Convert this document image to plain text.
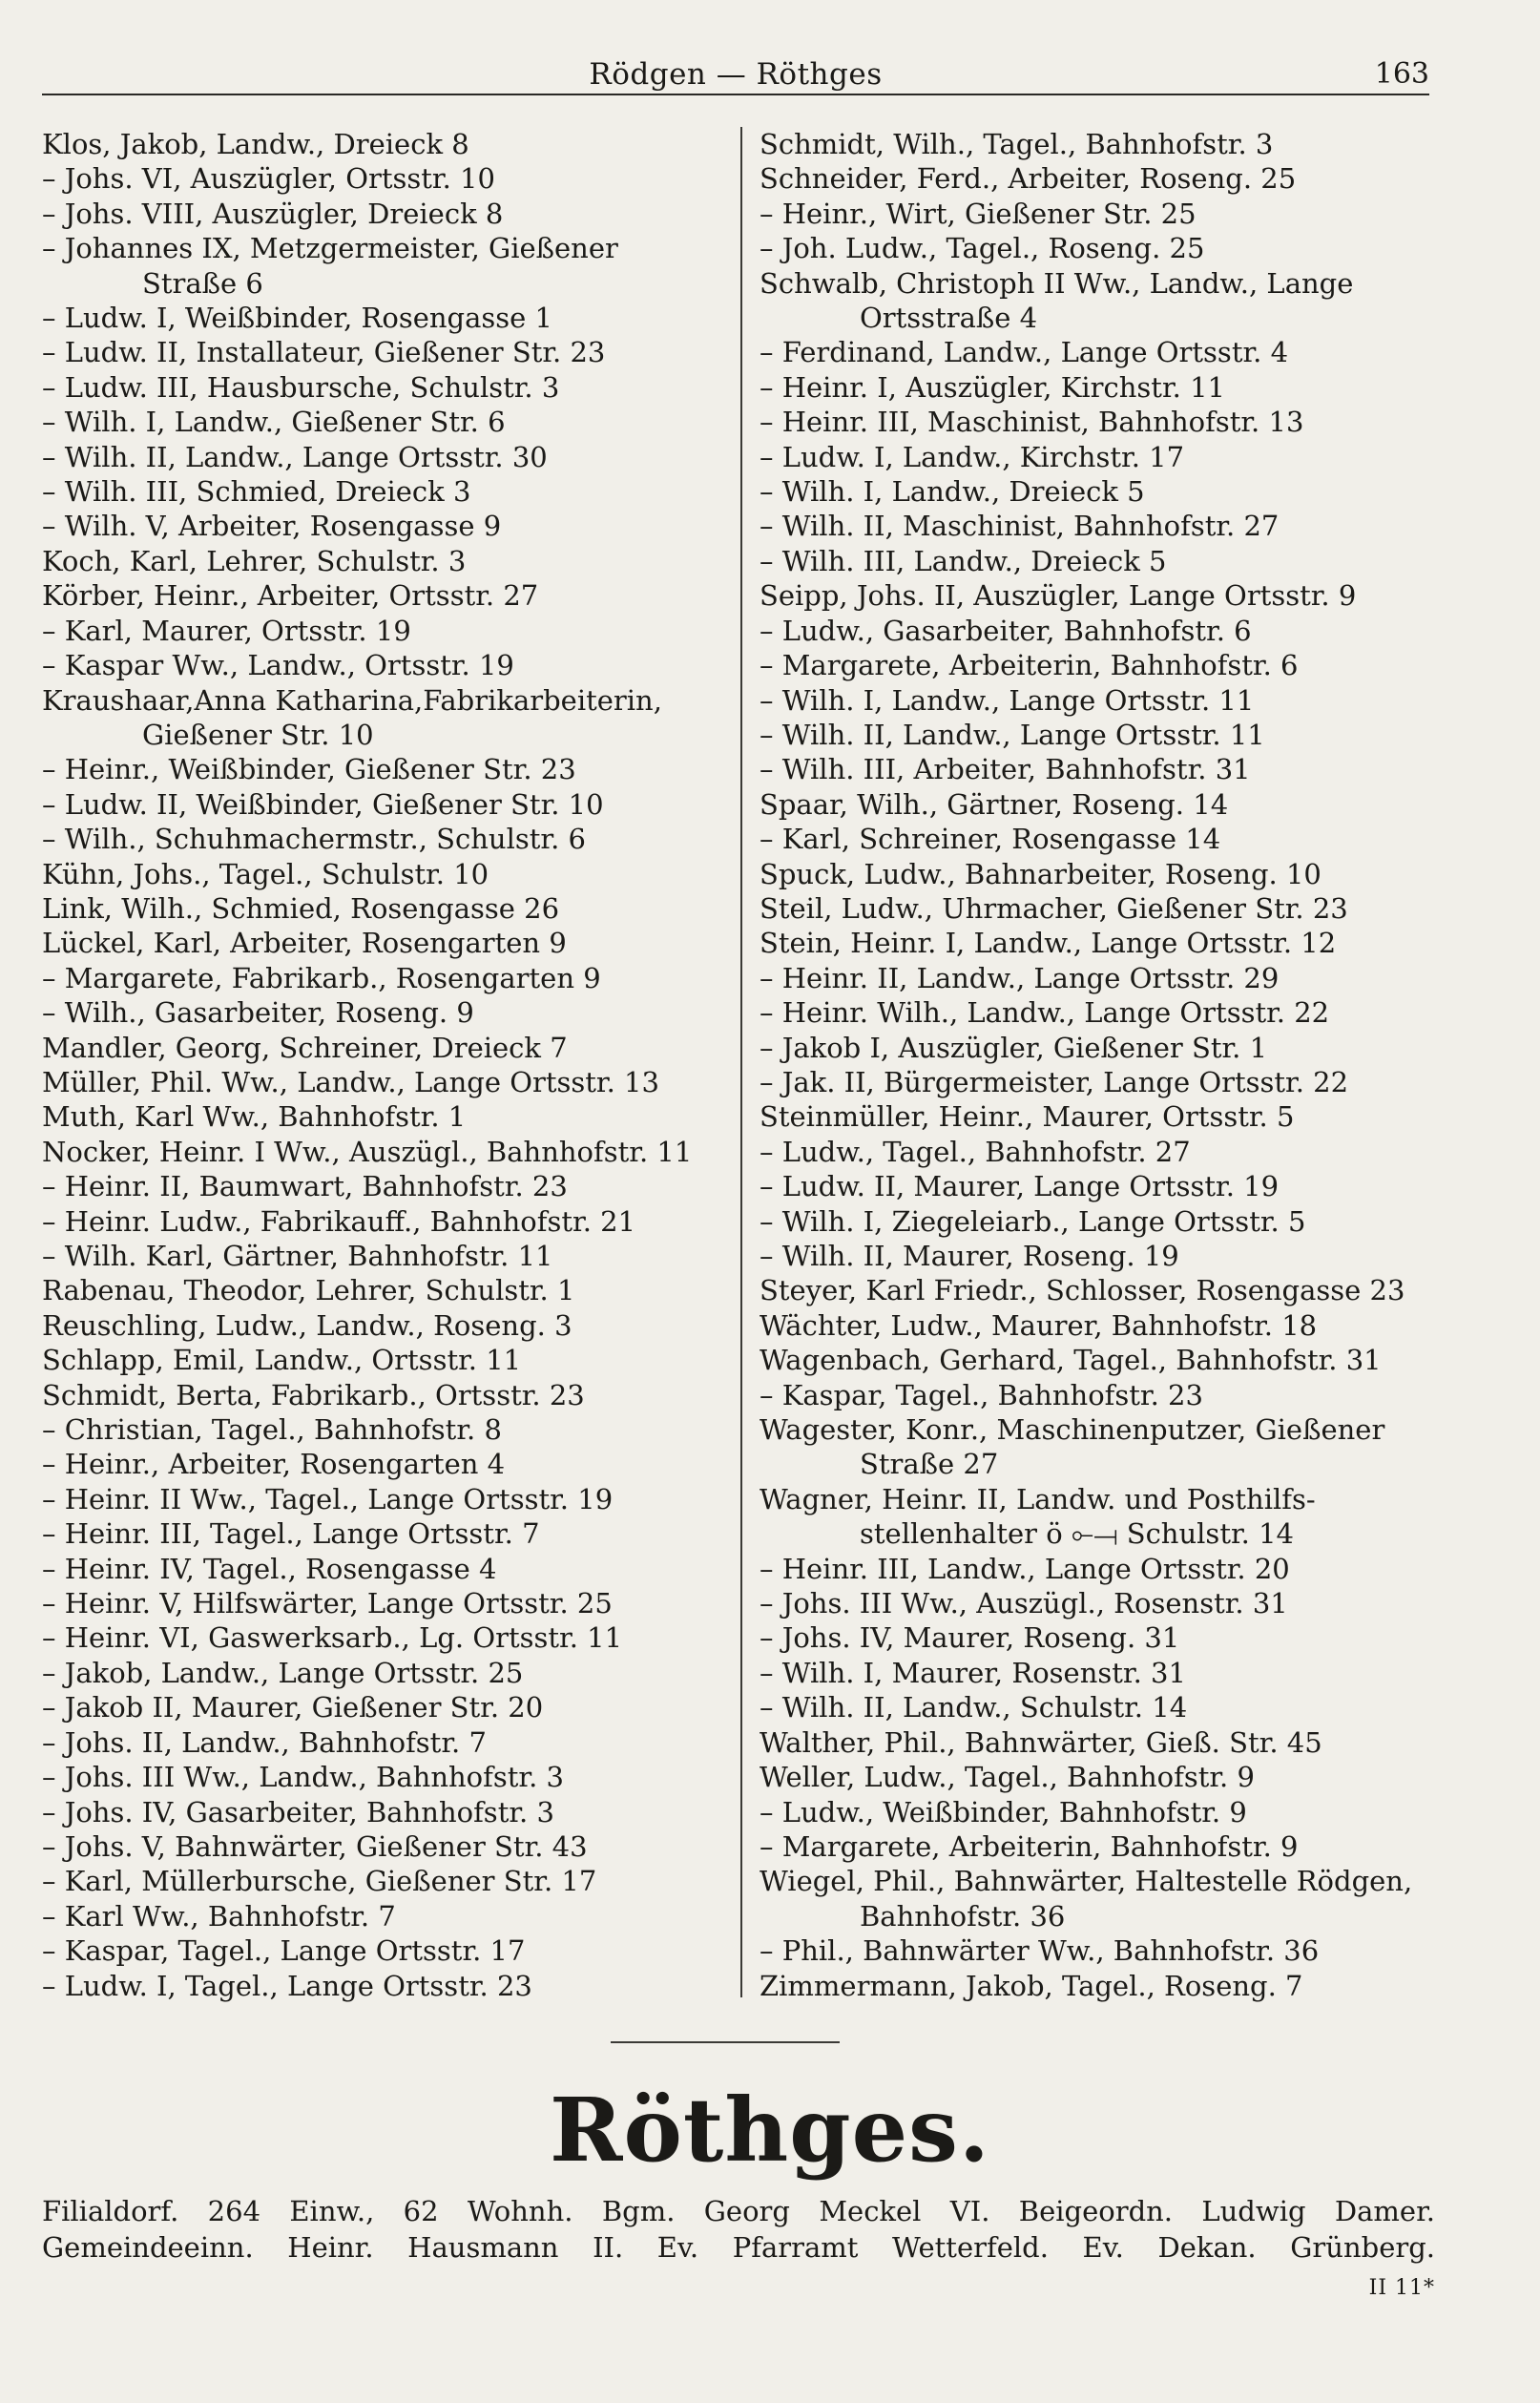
Rödgen — Röthges	163
Klos, Jakob, Landw., Dreieck 8
– Johs. VI, Auszügler, Ortsstr. 10
– Johs. VIII, Auszügler, Dreieck 8
– Johannes IX, Metzgermeister, Gießener
Straße 6
– Ludw. I, Weißbinder, Rosengasse 1
– Ludw. II, Installateur, Gießener Str. 23
– Ludw. III, Hausbursche, Schulstr. 3
– Wilh. I, Landw., Gießener Str. 6
– Wilh. II, Landw., Lange Ortsstr. 30
– Wilh. III, Schmied, Dreieck 3
– Wilh. V, Arbeiter, Rosengasse 9
Koch, Karl, Lehrer, Schulstr. 3
Körber, Heinr., Arbeiter, Ortsstr. 27
– Karl, Maurer, Ortsstr. 19
– Kaspar Ww., Landw., Ortsstr. 19
Kraushaar,Anna Katharina,Fabrikarbeiterin,
Gießener Str. 10
– Heinr., Weißbinder, Gießener Str. 23
– Ludw. II, Weißbinder, Gießener Str. 10
– Wilh., Schuhmachermstr., Schulstr. 6
Kühn, Johs., Tagel., Schulstr. 10
Link, Wilh., Schmied, Rosengasse 26
Lückel, Karl, Arbeiter, Rosengarten 9
– Margarete, Fabrikarb., Rosengarten 9
– Wilh., Gasarbeiter, Roseng. 9
Mandler, Georg, Schreiner, Dreieck 7
Müller, Phil. Ww., Landw., Lange Ortsstr. 13
Muth, Karl Ww., Bahnhofstr. 1
Nocker, Heinr. I Ww., Auszügl., Bahnhofstr. 11
– Heinr. II, Baumwart, Bahnhofstr. 23
– Heinr. Ludw., Fabrikauff., Bahnhofstr. 21
– Wilh. Karl, Gärtner, Bahnhofstr. 11
Rabenau, Theodor, Lehrer, Schulstr. 1
Reuschling, Ludw., Landw., Roseng. 3
Schlapp, Emil, Landw., Ortsstr. 11
Schmidt, Berta, Fabrikarb., Ortsstr. 23
– Christian, Tagel., Bahnhofstr. 8
– Heinr., Arbeiter, Rosengarten 4
– Heinr. II Ww., Tagel., Lange Ortsstr. 19
– Heinr. III, Tagel., Lange Ortsstr. 7
– Heinr. IV, Tagel., Rosengasse 4
– Heinr. V, Hilfswärter, Lange Ortsstr. 25
– Heinr. VI, Gaswerksarb., Lg. Ortsstr. 11
– Jakob, Landw., Lange Ortsstr. 25
– Jakob II, Maurer, Gießener Str. 20
– Johs. II, Landw., Bahnhofstr. 7
– Johs. III Ww., Landw., Bahnhofstr. 3
– Johs. IV, Gasarbeiter, Bahnhofstr. 3
– Johs. V, Bahnwärter, Gießener Str. 43
– Karl, Müllerbursche, Gießener Str. 17
– Karl Ww., Bahnhofstr. 7
– Kaspar, Tagel., Lange Ortsstr. 17
– Ludw. I, Tagel., Lange Ortsstr. 23
Schmidt, Wilh., Tagel., Bahnhofstr. 3
Schneider, Ferd., Arbeiter, Roseng. 25
– Heinr., Wirt, Gießener Str. 25
– Joh. Ludw., Tagel., Roseng. 25
Schwalb, Christoph II Ww., Landw., Lange
Ortsstraße 4
– Ferdinand, Landw., Lange Ortsstr. 4
– Heinr. I, Auszügler, Kirchstr. 11
– Heinr. III, Maschinist, Bahnhofstr. 13
– Ludw. I, Landw., Kirchstr. 17
– Wilh. I, Landw., Dreieck 5
– Wilh. II, Maschinist, Bahnhofstr. 27
– Wilh. III, Landw., Dreieck 5
Seipp, Johs. II, Auszügler, Lange Ortsstr. 9
– Ludw., Gasarbeiter, Bahnhofstr. 6
– Margarete, Arbeiterin, Bahnhofstr. 6
– Wilh. I, Landw., Lange Ortsstr. 11
– Wilh. II, Landw., Lange Ortsstr. 11
– Wilh. III, Arbeiter, Bahnhofstr. 31
Spaar, Wilh., Gärtner, Roseng. 14
– Karl, Schreiner, Rosengasse 14
Spuck, Ludw., Bahnarbeiter, Roseng. 10
Steil, Ludw., Uhrmacher, Gießener Str. 23
Stein, Heinr. I, Landw., Lange Ortsstr. 12
– Heinr. II, Landw., Lange Ortsstr. 29
– Heinr. Wilh., Landw., Lange Ortsstr. 22
– Jakob I, Auszügler, Gießener Str. 1
– Jak. II, Bürgermeister, Lange Ortsstr. 22
Steinmüller, Heinr., Maurer, Ortsstr. 5
– Ludw., Tagel., Bahnhofstr. 27
– Ludw. II, Maurer, Lange Ortsstr. 19
– Wilh. I, Ziegeleiarb., Lange Ortsstr. 5
– Wilh. II, Maurer, Roseng. 19
Steyer, Karl Friedr., Schlosser, Rosengasse 23
Wächter, Ludw., Maurer, Bahnhofstr. 18
Wagenbach, Gerhard, Tagel., Bahnhofstr. 31
– Kaspar, Tagel., Bahnhofstr. 23
Wagester, Konr., Maschinenputzer, Gießener
Straße 27
Wagner, Heinr. II, Landw. und Posthilfs-
stellenhalter ö ⟜⟞ Schulstr. 14
– Heinr. III, Landw., Lange Ortsstr. 20
– Johs. III Ww., Auszügl., Rosenstr. 31
– Johs. IV, Maurer, Roseng. 31
– Wilh. I, Maurer, Rosenstr. 31
– Wilh. II, Landw., Schulstr. 14
Walther, Phil., Bahnwärter, Gieß. Str. 45
Weller, Ludw., Tagel., Bahnhofstr. 9
– Ludw., Weißbinder, Bahnhofstr. 9
– Margarete, Arbeiterin, Bahnhofstr. 9
Wiegel, Phil., Bahnwärter, Haltestelle Rödgen,
Bahnhofstr. 36
– Phil., Bahnwärter Ww., Bahnhofstr. 36
Zimmermann, Jakob, Tagel., Roseng. 7
Röthges.
Filialdorf. 264 Einw., 62 Wohnh. Bgm. Georg Meckel VI. Beigeordn. Ludwig Damer.
Gemeindeeinn. Heinr. Hausmann II. Ev. Pfarramt Wetterfeld. Ev. Dekan. Grünberg.
II 11*
